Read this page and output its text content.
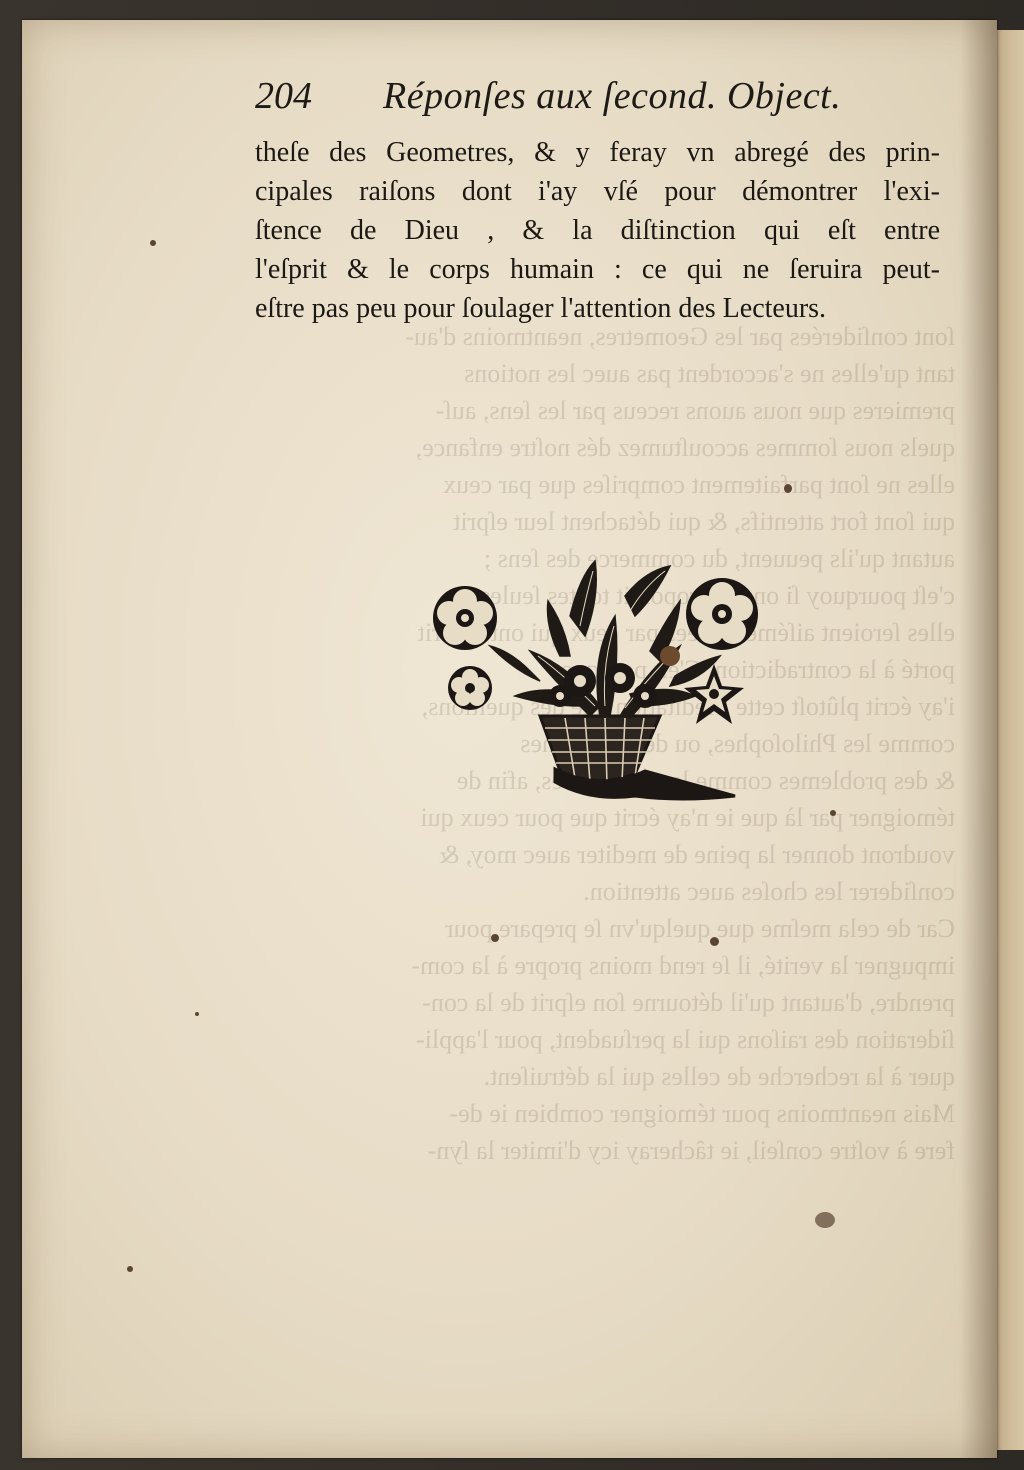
204 Réponſes aux ſecond. Object.
theſe des Geometres, & y feray vn abregé des prin-
cipales raiſons dont i'ay vſé pour démontrer l'exi-
ſtence de Dieu , & la diſtinction qui eſt entre
l'eſprit & le corps humain : ce qui ne ſeruira peut-
eſtre pas peu pour ſoulager l'attention des Lecteurs.
